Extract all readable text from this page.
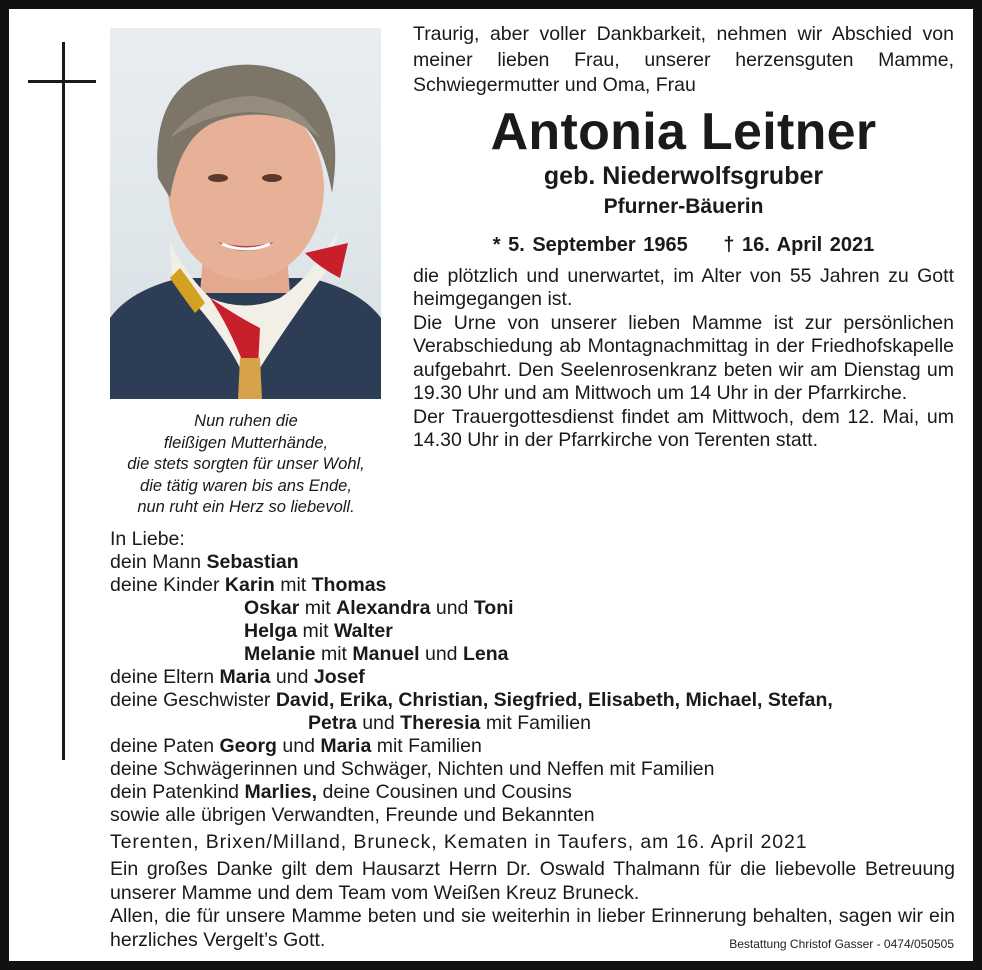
Nun ruhen die
fleißigen Mutterhände,
die stets sorgten für unser Wohl,
die tätig waren bis ans Ende,
nun ruht ein Herz so liebevoll.

Traurig, aber voller Dankbarkeit, nehmen wir Abschied von meiner lieben Frau, unserer herzensguten Mamme, Schwiegermutter und Oma, Frau

Antonia Leitner
geb. Niederwolfsgruber
Pfurner-Bäuerin
* 5. September 1965 † 16. April 2021

die plötzlich und unerwartet, im Alter von 55 Jahren zu Gott heimgegangen ist.

Die Urne von unserer lieben Mamme ist zur persönlichen Verabschiedung ab Montagnachmittag in der Friedhofskapelle aufgebahrt. Den Seelenrosenkranz beten wir am Dienstag um 19.30 Uhr und am Mittwoch um 14 Uhr in der Pfarrkirche.

Der Trauergottesdienst findet am Mittwoch, dem 12. Mai, um 14.30 Uhr in der Pfarrkirche von Terenten statt.

In Liebe:
dein Mann Sebastian
deine Kinder Karin mit Thomas
Oskar mit Alexandra und Toni
Helga mit Walter
Melanie mit Manuel und Lena
deine Eltern Maria und Josef
deine Geschwister David, Erika, Christian, Siegfried, Elisabeth, Michael, Stefan,
Petra und Theresia mit Familien
deine Paten Georg und Maria mit Familien
deine Schwägerinnen und Schwäger, Nichten und Neffen mit Familien
dein Patenkind Marlies, deine Cousinen und Cousins
sowie alle übrigen Verwandten, Freunde und Bekannten
Terenten, Brixen/Milland, Bruneck, Kematen in Taufers, am 16. April 2021

Ein großes Danke gilt dem Hausarzt Herrn Dr. Oswald Thalmann für die liebevolle Betreuung unserer Mamme und dem Team vom Weißen Kreuz Bruneck.

Allen, die für unsere Mamme beten und sie weiterhin in lieber Erinnerung behalten, sagen wir ein herzliches Vergelt’s Gott.	Bestattung Christof Gasser - 0474/050505
